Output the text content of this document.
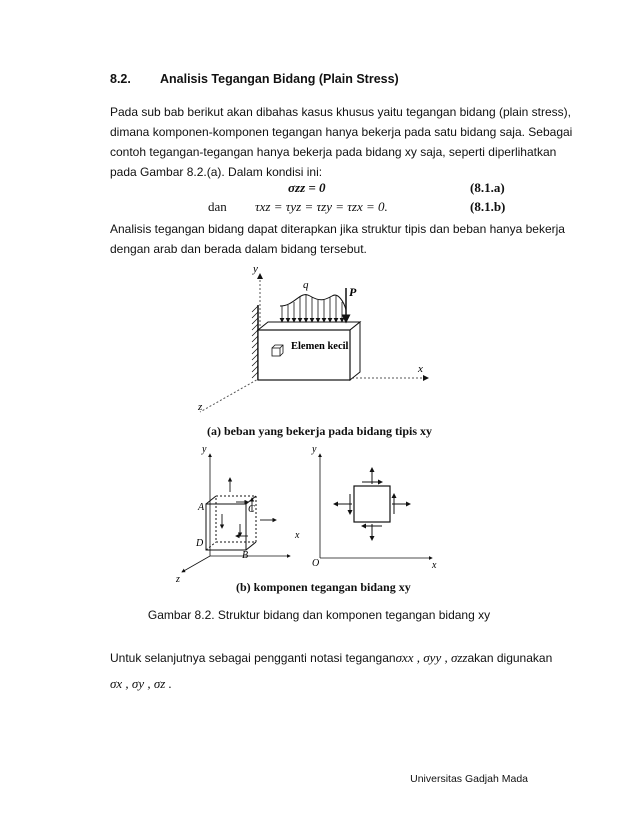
8.2. Analisis Tegangan Bidang (Plain Stress)
Pada sub bab berikut akan dibahas kasus khusus yaitu tegangan bidang (plain stress),
dimana komponen-komponen tegangan hanya bekerja pada satu bidang saja. Sebagai
contoh tegangan-tegangan hanya bekerja pada bidang xy saja, seperti diperlihatkan
pada Gambar 8.2.(a). Dalam kondisi ini:
σzz = 0	(8.1.a)
dan τxz = τyz = τzy = τzx = 0.	(8.1.b)
Analisis tegangan bidang dapat diterapkan jika struktur tipis dan beban hanya bekerja
dengan arab dan berada dalam bidang tersebut.
y
x
z
q	P
Elemen kecil
(a) beban yang bekerja pada bidang tipis xy
y
x
z
A	C
D
B
y
x
O
(b) komponen tegangan bidang xy
Gambar 8.2. Struktur bidang dan komponen tegangan bidang xy
Untuk selanjutnya sebagai pengganti notasi tegangan σxx , σyy , σzz akan digunakan
σx , σy , σz .
Universitas Gadjah Mada
